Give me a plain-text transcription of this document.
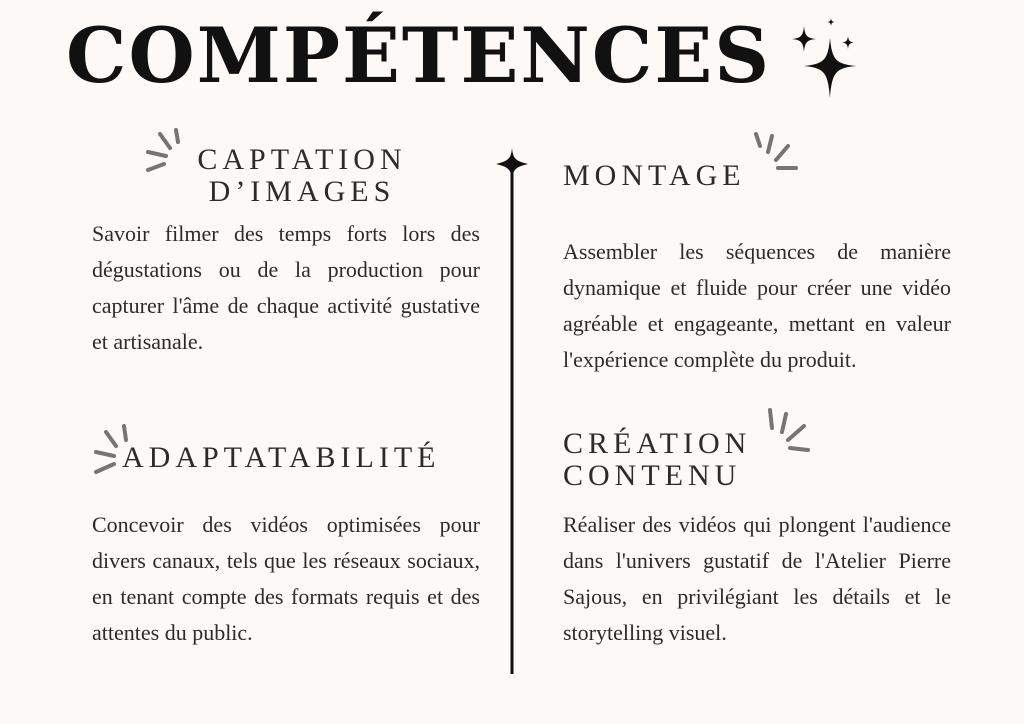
COMPÉTENCES
CAPTATION
D’IMAGES
Savoir filmer des temps forts lors des dégustations ou de la production pour capturer l'âme de chaque activité gustative et artisanale.
ADAPTATABILITÉ
Concevoir des vidéos optimisées pour divers canaux, tels que les réseaux sociaux, en tenant compte des formats requis et des attentes du public.
MONTAGE
Assembler les séquences de manière dynamique et fluide pour créer une vidéo agréable et engageante, mettant en valeur l'expérience complète du produit.
CRÉATION
CONTENU
Réaliser des vidéos qui plongent l'audience dans l'univers gustatif de l'Atelier Pierre Sajous, en privilégiant les détails et le storytelling visuel.
